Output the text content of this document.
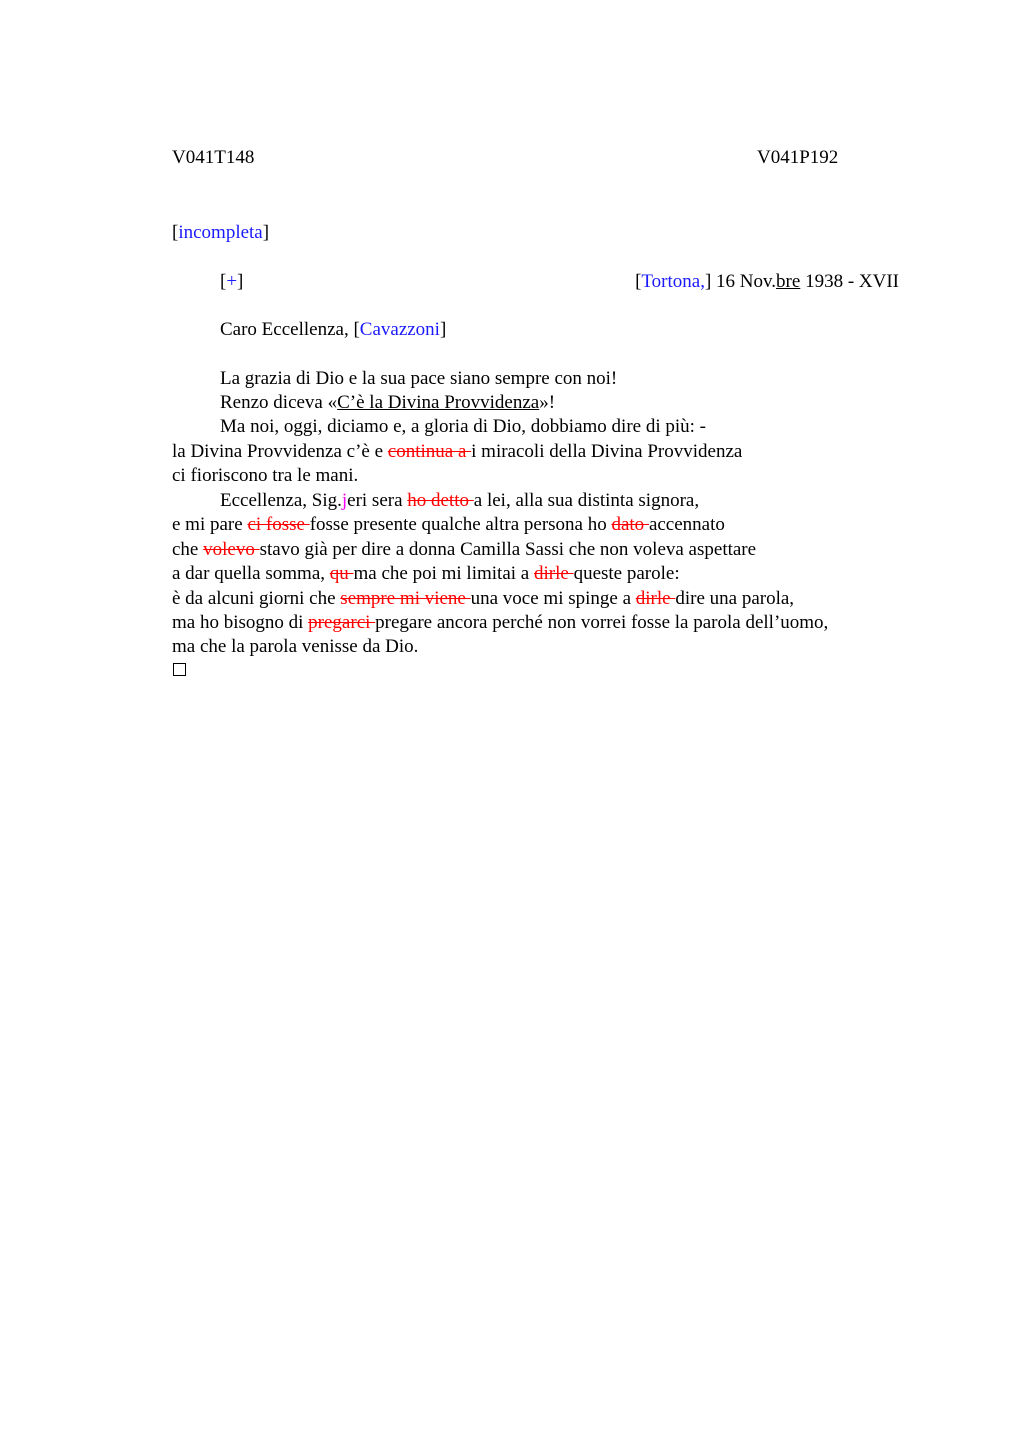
V041T148	V041P192
[incompleta]
[+]	[Tortona,] 16 Nov.bre 1938 - XVII
Caro Eccellenza, [Cavazzoni]
La grazia di Dio e la sua pace siano sempre con noi!
Renzo diceva «C’è la Divina Provvidenza»!
Ma noi, oggi, diciamo e, a gloria di Dio, dobbiamo dire di più: -
la Divina Provvidenza c’è e continua a i miracoli della Divina Provvidenza
ci fioriscono tra le mani.
Eccellenza, Sig.jeri sera ho detto a lei, alla sua distinta signora,
e mi pare ci fosse fosse presente qualche altra persona ho dato accennato
che volevo stavo già per dire a donna Camilla Sassi che non voleva aspettare
a dar quella somma, qu ma che poi mi limitai a dirle queste parole:
è da alcuni giorni che sempre mi viene una voce mi spinge a dirle dire una parola,
ma ho bisogno di pregarci pregare ancora perché non vorrei fosse la parola dell’uomo,
ma che la parola venisse da Dio.
